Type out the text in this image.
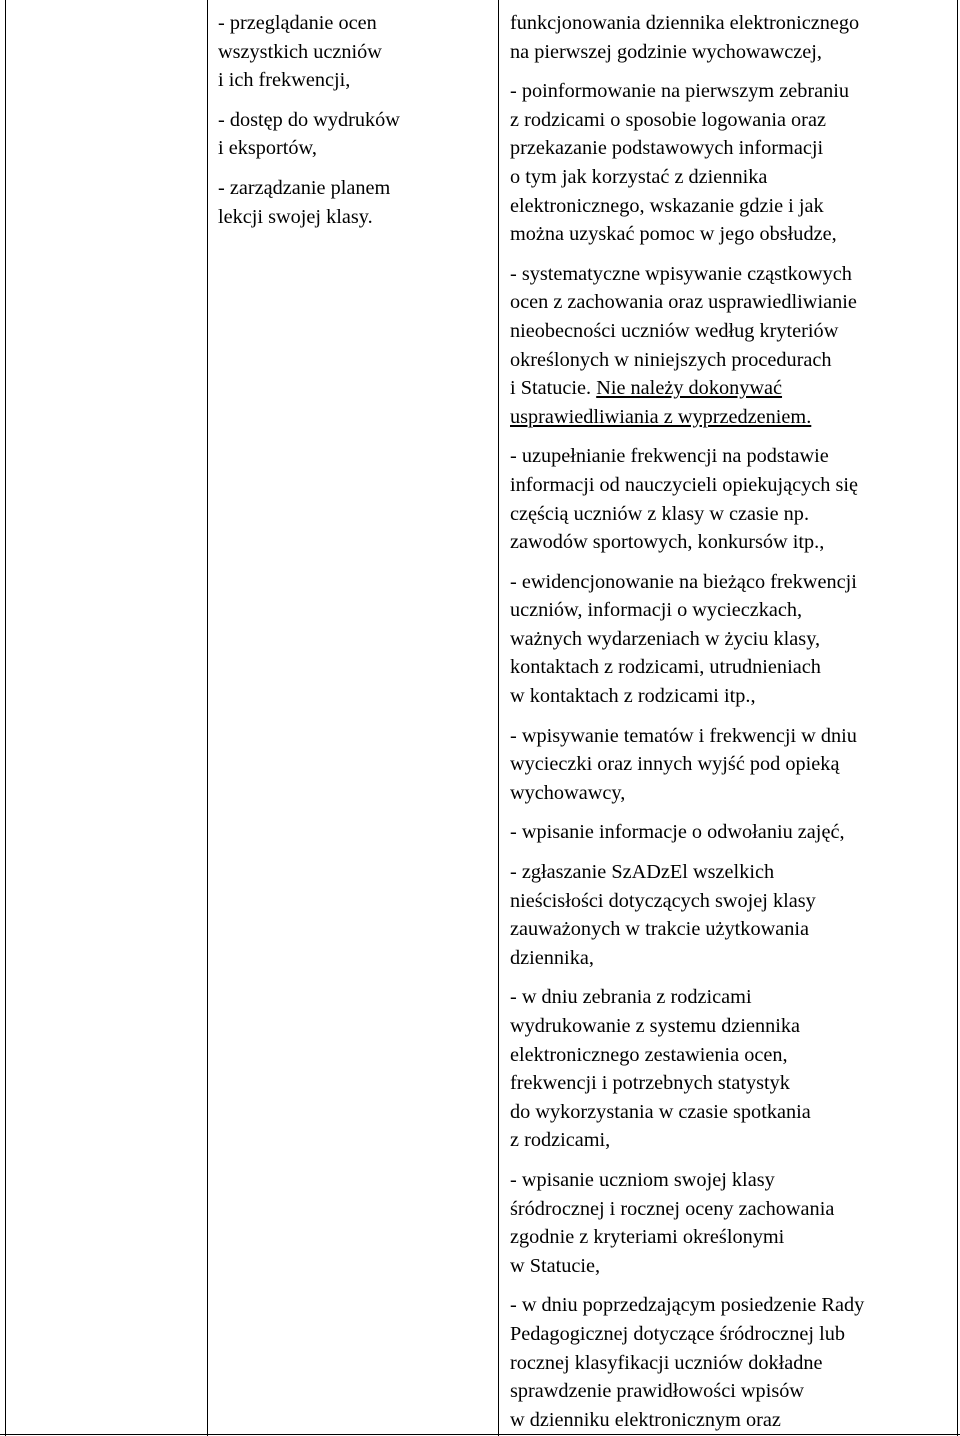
- przeglądanie ocen

wszystkich uczniów

i ich frekwencji,

- dostęp do wydruków

i eksportów,

- zarządzanie planem

lekcji swojej klasy.

funkcjonowania dziennika elektronicznego

na pierwszej godzinie wychowawczej,

- poinformowanie na pierwszym zebraniu

z rodzicami o sposobie logowania oraz

przekazanie podstawowych informacji

o tym jak korzystać z dziennika

elektronicznego, wskazanie gdzie i jak

można uzyskać pomoc w jego obsłudze,

- systematyczne wpisywanie cząstkowych

ocen z zachowania oraz usprawiedliwianie

nieobecności uczniów według kryteriów

określonych w niniejszych procedurach

i Statucie. Nie należy dokonywać

usprawiedliwiania z wyprzedzeniem.

- uzupełnianie frekwencji na podstawie

informacji od nauczycieli opiekujących się

częścią uczniów z klasy w czasie np.

zawodów sportowych, konkursów itp.,

- ewidencjonowanie na bieżąco frekwencji

uczniów, informacji o wycieczkach,

ważnych wydarzeniach w życiu klasy,

kontaktach z rodzicami, utrudnieniach

w kontaktach z rodzicami itp.,

- wpisywanie tematów i frekwencji w dniu

wycieczki oraz innych wyjść pod opieką

wychowawcy,

- wpisanie informacje o odwołaniu zajęć,

- zgłaszanie SzADzEl wszelkich

nieścisłości dotyczących swojej klasy

zauważonych w trakcie użytkowania

dziennika,

- w dniu zebrania z rodzicami

wydrukowanie z systemu dziennika

elektronicznego zestawienia ocen,

frekwencji i potrzebnych statystyk

do wykorzystania w czasie spotkania

z rodzicami,

- wpisanie uczniom swojej klasy

śródrocznej i rocznej oceny zachowania

zgodnie z kryteriami określonymi

w Statucie,

- w dniu poprzedzającym posiedzenie Rady

Pedagogicznej dotyczące śródrocznej lub

rocznej klasyfikacji uczniów dokładne

sprawdzenie prawidłowości wpisów

w dzienniku elektronicznym oraz
